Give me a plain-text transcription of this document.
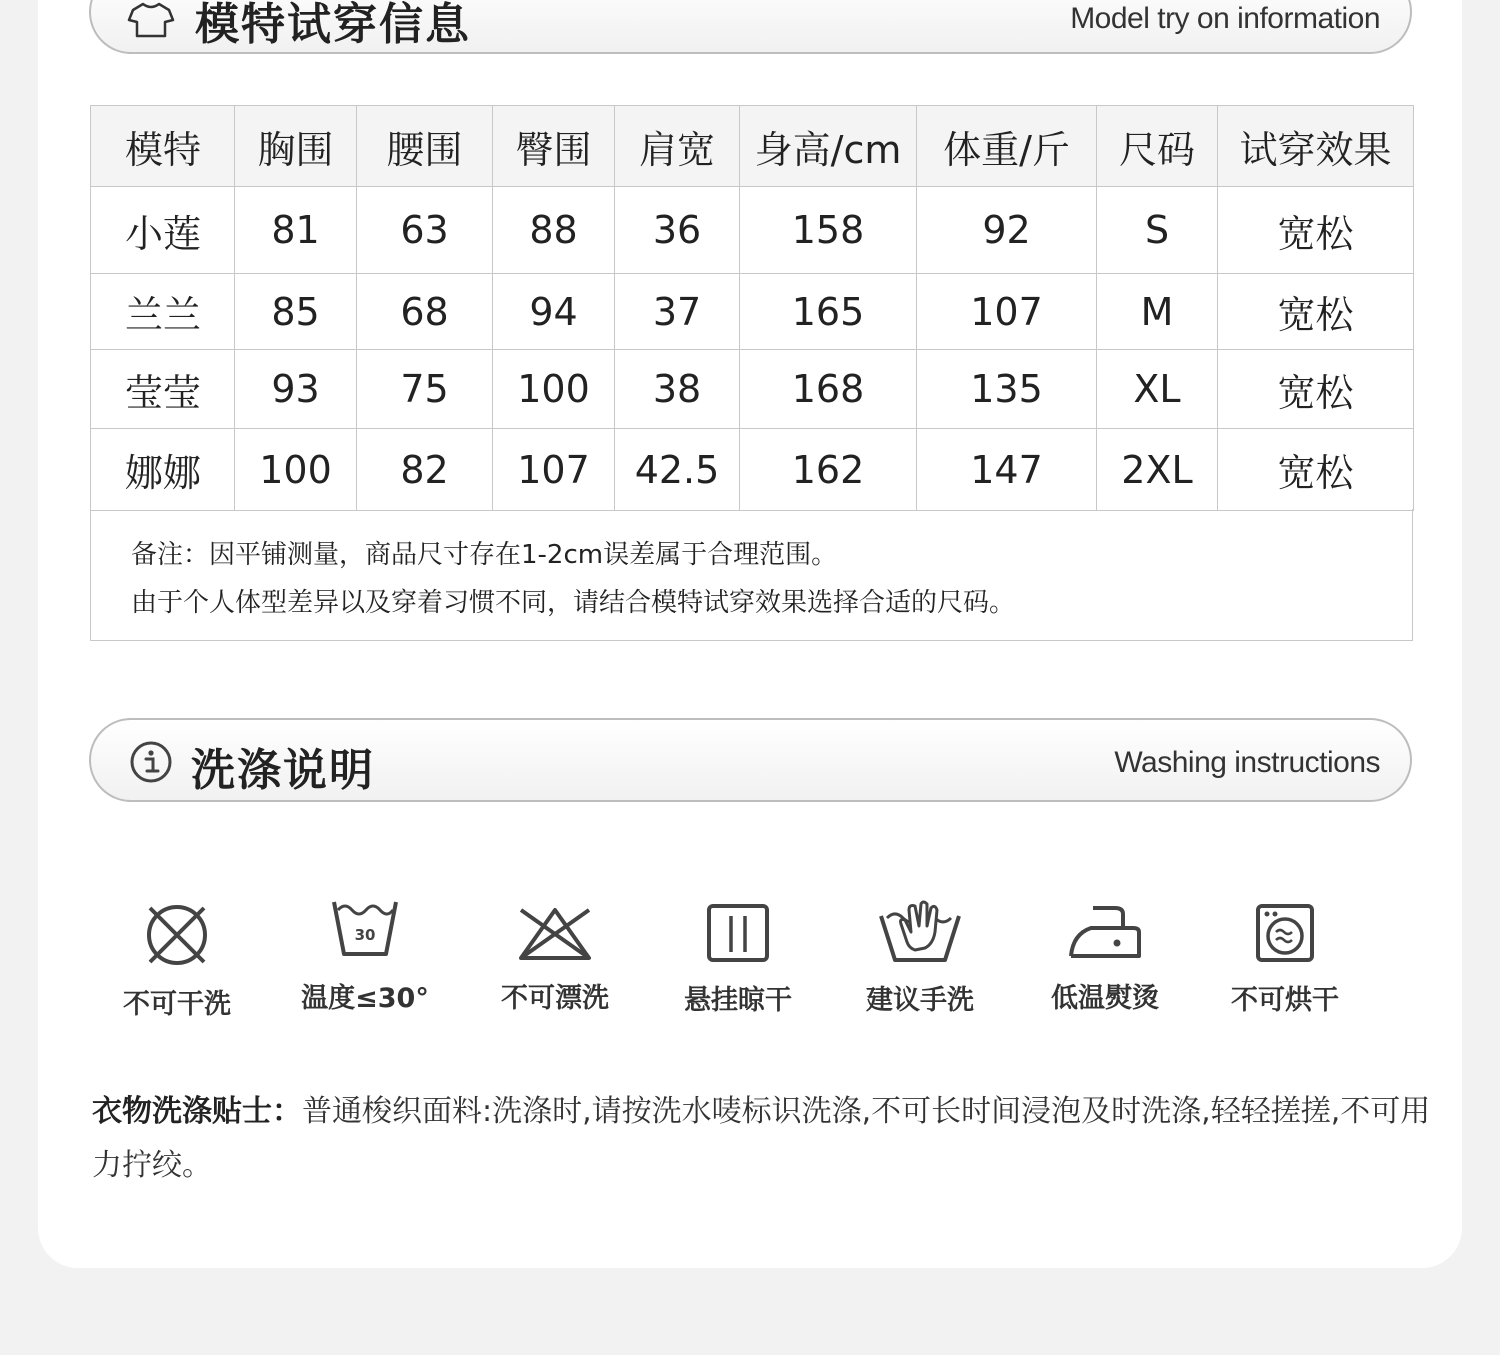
模特试穿信息	Model try on information
模特	胸围	腰围	臀围	肩宽	身高/cm	体重/斤	尺码	试穿效果
小莲	81	63	88	36	158	92	S	宽松
兰兰	85	68	94	37	165	107	M	宽松
莹莹	93	75	100	38	168	135	XL	宽松
娜娜	100	82	107	42.5	162	147	2XL	宽松
备注：因平铺测量，商品尺寸存在1-2cm误差属于合理范围。
由于个人体型差异以及穿着习惯不同，请结合模特试穿效果选择合适的尺码。
洗涤说明	Washing instructions
不可干洗
30
温度≤30°	不可漂洗	悬挂晾干	建议手洗	低温熨烫	不可烘干
衣物洗涤贴士：普通梭织面料:洗涤时,请按洗水唛标识洗涤,不可长时间浸泡及时洗涤,轻轻搓搓,不可用力拧绞。
